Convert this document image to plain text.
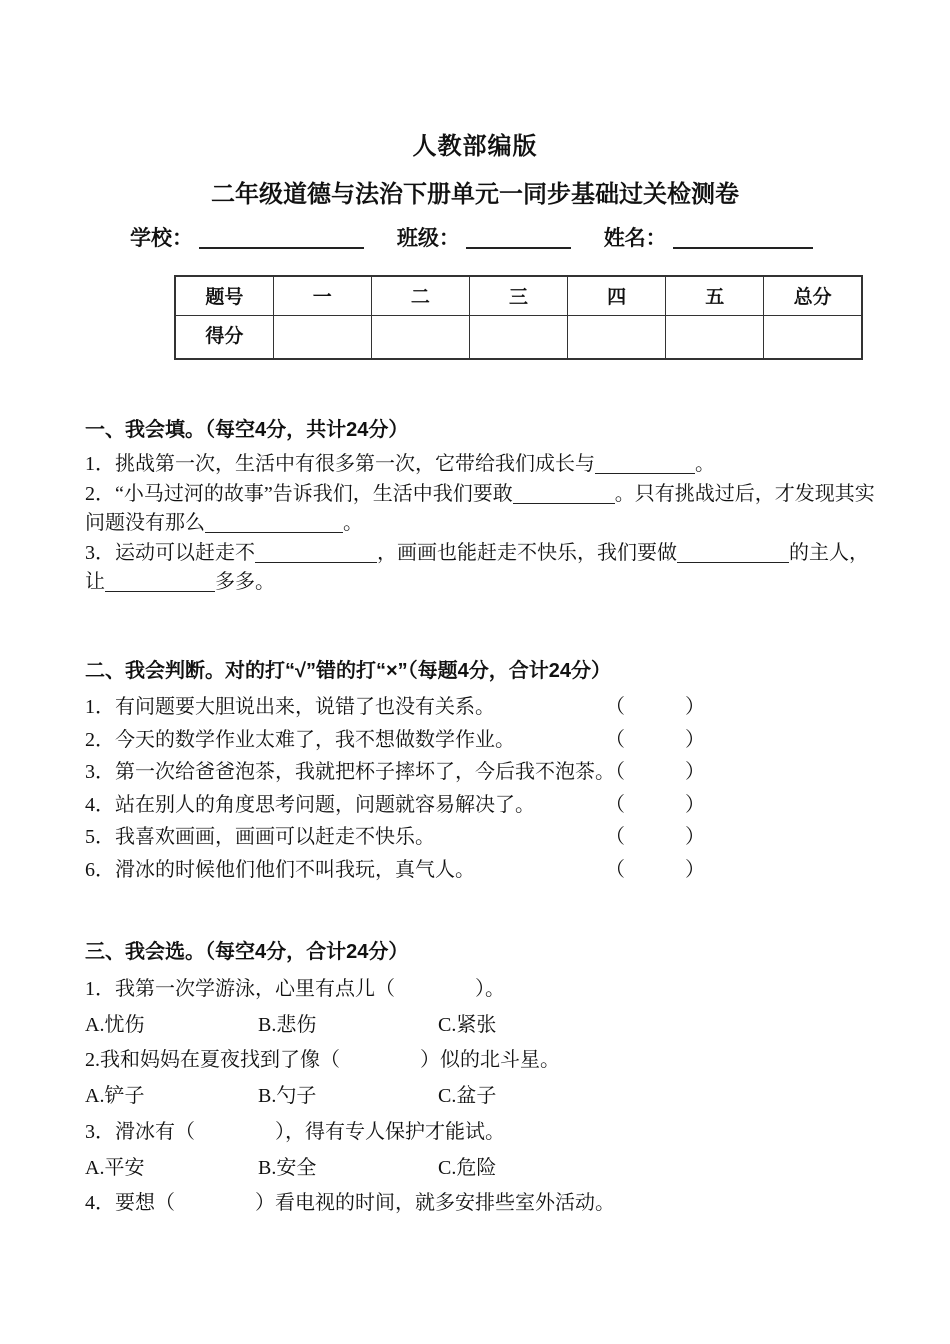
人教部编版
二年级道德与法治下册单元一同步基础过关检测卷
学校：	班级：	姓名：
题号	一	二	三	四	五	总分
得分						
一、我会填。（每空4分，共计24分）
1．挑战第一次，生活中有很多第一次，它带给我们成长与	。
2．“小马过河的故事”告诉我们，生活中我们要敢	。只有挑战过后，才发现其实
问题没有那么	。
3．运动可以赶走不	，画画也能赶走不快乐，我们要做	的主人，
让	多多。
二、我会判断。对的打“√”错的打“×”（每题4分，合计24分）
1．有问题要大胆说出来，说错了也没有关系。	（　　　）
2．今天的数学作业太难了，我不想做数学作业。	（　　　）
3．第一次给爸爸泡茶，我就把杯子摔坏了，今后我不泡茶。
（　　　）
4．站在别人的角度思考问题，问题就容易解决了。	（　　　）
5．我喜欢画画，画画可以赶走不快乐。	（　　　）
6．滑冰的时候他们他们不叫我玩，真气人。	（　　　）
三、我会选。（每空4分，合计24分）
1．我第一次学游泳，心里有点儿（　　　　）。
A.忧伤	B.悲伤	C.紧张
2.我和妈妈在夏夜找到了像（　　　　）似的北斗星。
A.铲子	B.勺子	C.盆子
3．滑冰有（　　　　），得有专人保护才能试。
A.平安	B.安全	C.危险
4．要想（　　　　）看电视的时间，就多安排些室外活动。
